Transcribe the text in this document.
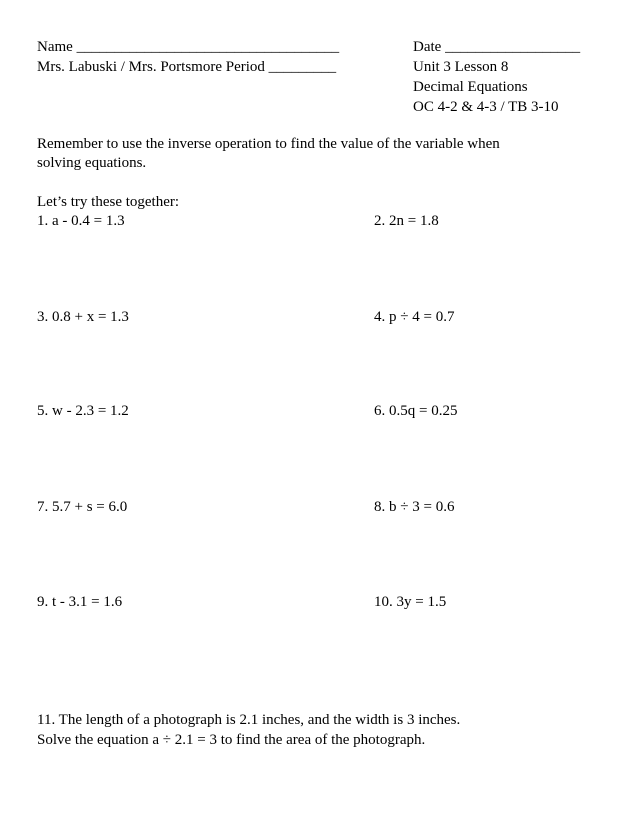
Name ___________________________________
Mrs. Labuski / Mrs. Portsmore Period _________
Date __________________
Unit 3 Lesson 8
Decimal Equations
OC 4-2 & 4-3 / TB 3-10
Remember to use the inverse operation to find the value of the variable when
solving equations.
Let’s try these together:
1. a - 0.4 = 1.3	2. 2n = 1.8
3. 0.8 + x = 1.3	4. p ÷ 4 = 0.7
5. w - 2.3 = 1.2	6. 0.5q = 0.25
7. 5.7 + s = 6.0	8. b ÷ 3 = 0.6
9. t - 3.1 = 1.6	10. 3y = 1.5
11. The length of a photograph is 2.1 inches, and the width is 3 inches.
Solve the equation a ÷ 2.1 = 3 to find the area of the photograph.
